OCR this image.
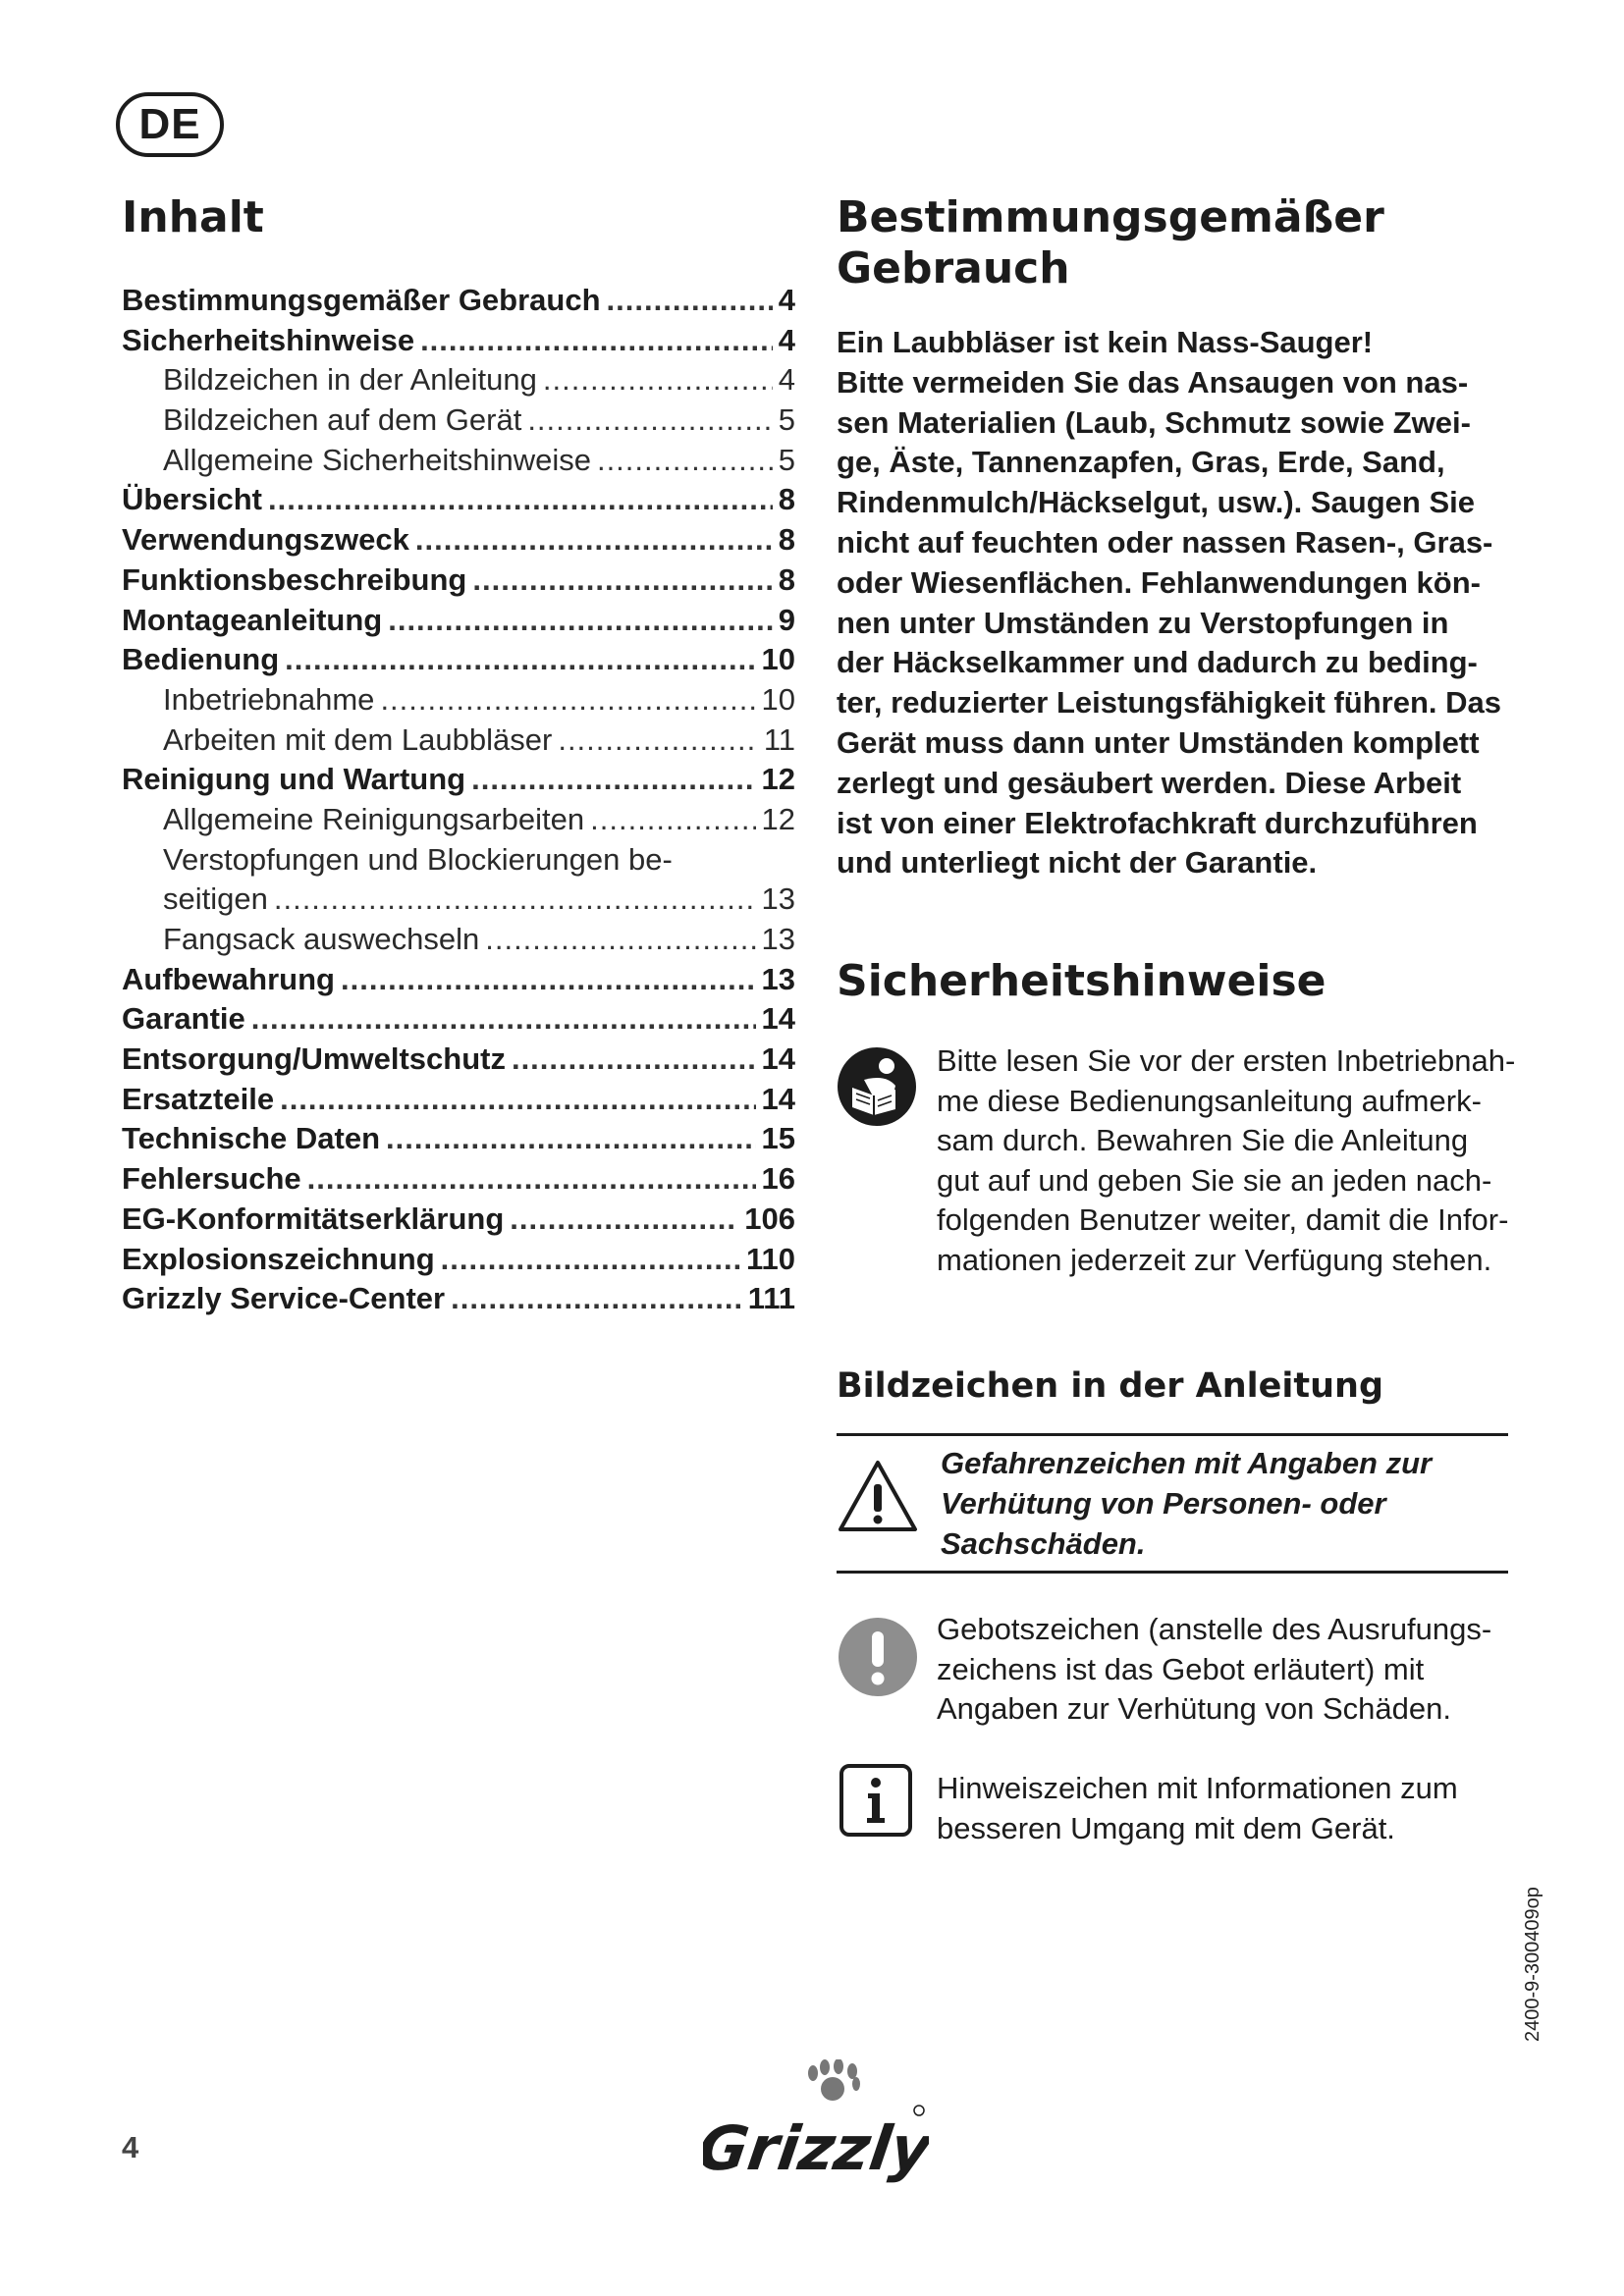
DE
Inhalt
Bestimmungsgemäßer Gebrauch .....	4
Sicherheitshinweise .....	4
Bildzeichen in der Anleitung .....	4
Bildzeichen auf dem Gerät .....	5
Allgemeine Sicherheitshinweise .....	5
Übersicht .....	8
Verwendungszweck .....	8
Funktionsbeschreibung .....	8
Montageanleitung .....	9
Bedienung .....	10
Inbetriebnahme .....	10
Arbeiten mit dem Laubbläser .....	11
Reinigung und Wartung .....	12
Allgemeine Reinigungsarbeiten .....	12
Verstopfungen und Blockierungen be-
seitigen .....	13
Fangsack auswechseln .....	13
Aufbewahrung .....	13
Garantie .....	14
Entsorgung/Umweltschutz .....	14
Ersatzteile .....	14
Technische Daten .....	15
Fehlersuche .....	16
EG-Konformitätserklärung .....	106
Explosionszeichnung .....	110
Grizzly Service-Center .....	111
Bestimmungsgemäßer
Gebrauch

Ein Laubbläser ist kein Nass-Sauger!
Bitte vermeiden Sie das Ansaugen von nas-
sen Materialien (Laub, Schmutz sowie Zwei-
ge, Äste, Tannenzapfen, Gras, Erde, Sand,
Rindenmulch/Häckselgut, usw.). Saugen Sie
nicht auf feuchten oder nassen Rasen-, Gras-
oder Wiesenflächen. Fehlanwendungen kön-
nen unter Umständen zu Verstopfungen in
der Häckselkammer und dadurch zu beding-
ter, reduzierter Leistungsfähigkeit führen. Das
Gerät muss dann unter Umständen komplett
zerlegt und gesäubert werden. Diese Arbeit
ist von einer Elektrofachkraft durchzuführen
und unterliegt nicht der Garantie.

Sicherheitshinweise

Bitte lesen Sie vor der ersten Inbetriebnah-
me diese Bedienungsanleitung aufmerk-
sam durch. Bewahren Sie die Anleitung
gut auf und geben Sie sie an jeden nach-
folgenden Benutzer weiter, damit die Infor-
mationen jederzeit zur Verfügung stehen.

Bildzeichen in der Anleitung

Gefahrenzeichen mit Angaben zur
Verhütung von Personen- oder
Sachschäden.

Gebotszeichen (anstelle des Ausrufungs-
zeichens ist das Gebot erläutert) mit
Angaben zur Verhütung von Schäden.

Hinweiszeichen mit Informationen zum
besseren Umgang mit dem Gerät.

2400-9-300409op
4	Grizzly
